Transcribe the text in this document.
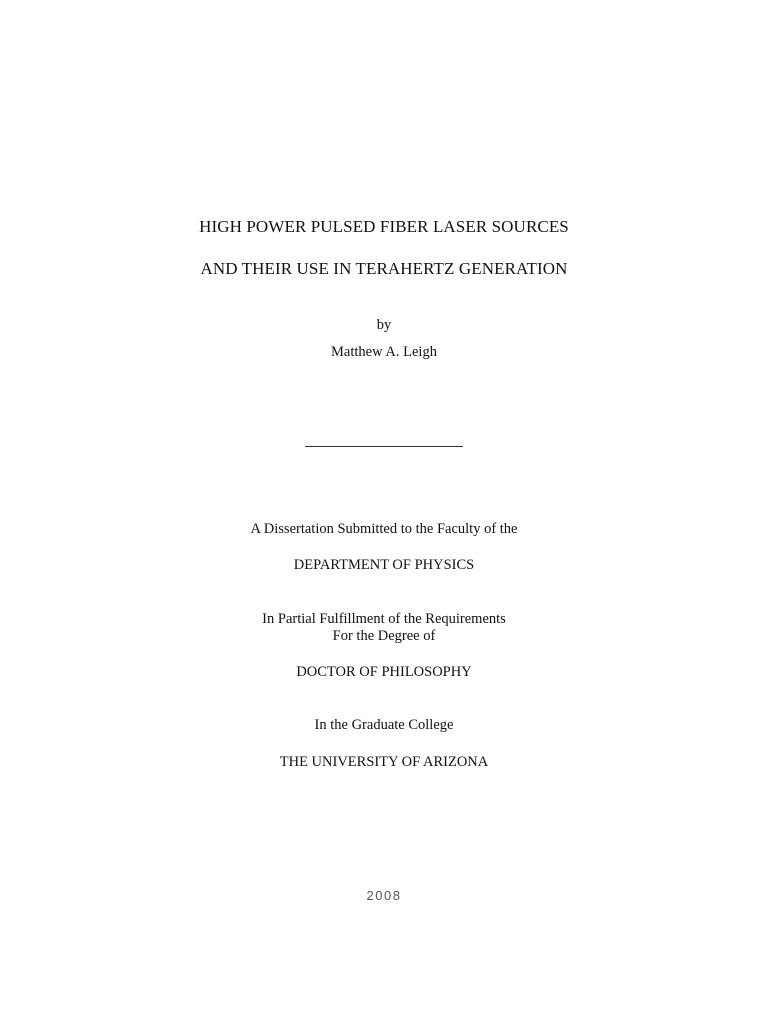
HIGH POWER PULSED FIBER LASER SOURCES
AND THEIR USE IN TERAHERTZ GENERATION
by
Matthew A. Leigh
A Dissertation Submitted to the Faculty of the
DEPARTMENT OF PHYSICS
In Partial Fulfillment of the Requirements
For the Degree of
DOCTOR OF PHILOSOPHY
In the Graduate College
THE UNIVERSITY OF ARIZONA
2008
